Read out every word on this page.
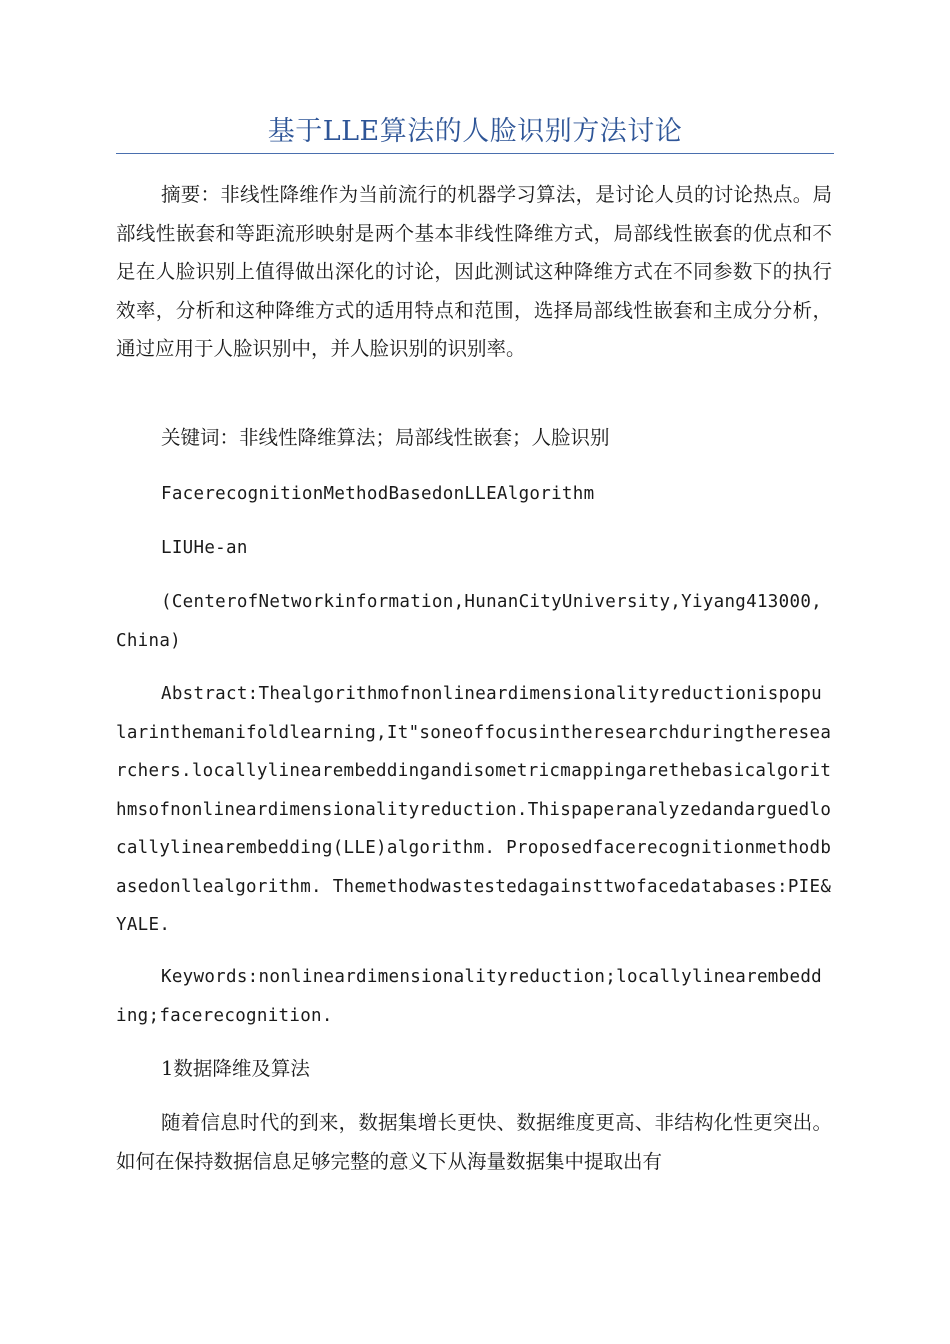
基于LLE算法的人脸识别方法讨论
摘要：非线性降维作为当前流行的机器学习算法，是讨论人员的讨论热点。局部线性嵌套和等距流形映射是两个基本非线性降维方式，局部线性嵌套的优点和不足在人脸识别上值得做出深化的讨论，因此测试这种降维方式在不同参数下的执行效率，分析和这种降维方式的适用特点和范围，选择局部线性嵌套和主成分分析，通过应用于人脸识别中，并人脸识别的识别率。
关键词：非线性降维算法；局部线性嵌套；人脸识别
FacerecognitionMethodBasedonLLEAlgorithm
LIUHe-an
(CenterofNetworkinformation,HunanCityUniversity,Yiyang413000,China)
Abstract:Thealgorithmofnonlineardimensionalityreductionispopularinthemanifoldlearning,It"soneoffocusintheresearchduringtheresearchers.locallylinearembeddingandisometricmappingarethebasicalgorithmsofnonlineardimensionalityreduction.Thispaperanalyzedandarguedlocallylinearembedding(LLE)algorithm. Proposedfacerecognitionmethodbasedonllealgorithm. Themethodwastestedagainsttwofacedatabases:PIE&YALE.
Keywords:nonlineardimensionalityreduction;locallylinearembedding;facerecognition.
1数据降维及算法
随着信息时代的到来，数据集增长更快、数据维度更高、非结构化性更突出。如何在保持数据信息足够完整的意义下从海量数据集中提取出有
